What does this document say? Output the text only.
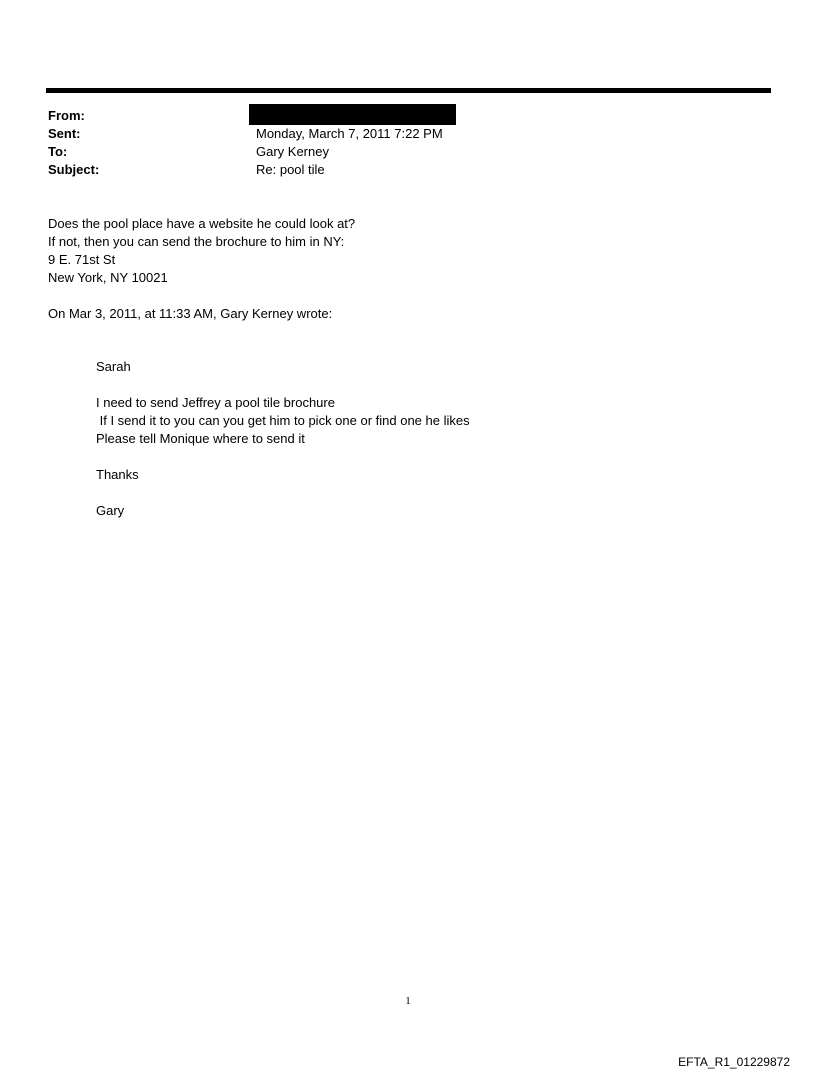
From:
Sent:	Monday, March 7, 2011 7:22 PM
To:	Gary Kerney
Subject:	Re: pool tile

Does the pool place have a website he could look at?

If not, then you can send the brochure to him in NY:

9 E. 71st St

New York, NY 10021

On Mar 3, 2011, at 11:33 AM, Gary Kerney wrote:

Sarah

I need to send Jeffrey a pool tile brochure

If I send it to you can you get him to pick one or find one he likes

Please tell Monique where to send it

Thanks

Gary

1
EFTA_R1_01229872
